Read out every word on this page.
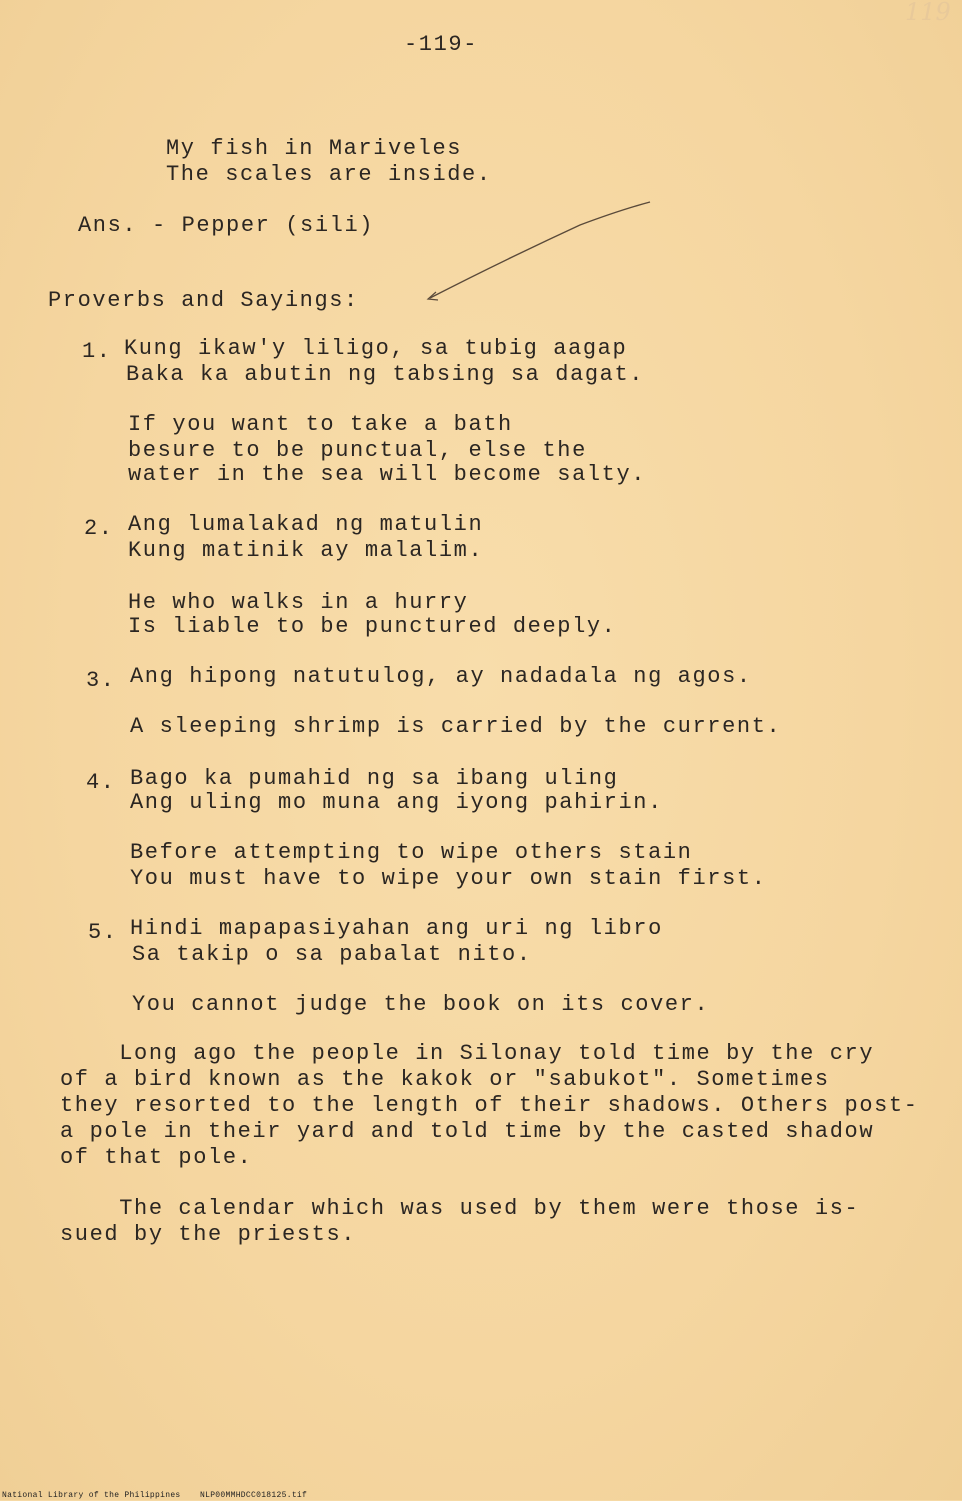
119
-119-
My fish in Mariveles
The scales are inside.
Ans. - Pepper (sili)
Proverbs and Sayings:
1. Kung ikaw'y liligo, sa tubig aagap
Baka ka abutin ng tabsing sa dagat.
If you want to take a bath
besure to be punctual, else the
water in the sea will become salty.
2. Ang lumalakad ng matulin
Kung matinik ay malalim.
He who walks in a hurry
Is liable to be punctured deeply.
3. Ang hipong natutulog, ay nadadala ng agos.
A sleeping shrimp is carried by the current.
4. Bago ka pumahid ng sa ibang uling
Ang uling mo muna ang iyong pahirin.
Before attempting to wipe others stain
You must have to wipe your own stain first.
5. Hindi mapapasiyahan ang uri ng libro
Sa takip o sa pabalat nito.
You cannot judge the book on its cover.
Long ago the people in Silonay told time by the cry
of a bird known as the kakok or "sabukot". Sometimes
they resorted to the length of their shadows. Others post-
a pole in their yard and told time by the casted shadow
of that pole.
The calendar which was used by them were those is-
sued by the priests.
National Library of the Philippines NLP00MMHDCC018125.tif
